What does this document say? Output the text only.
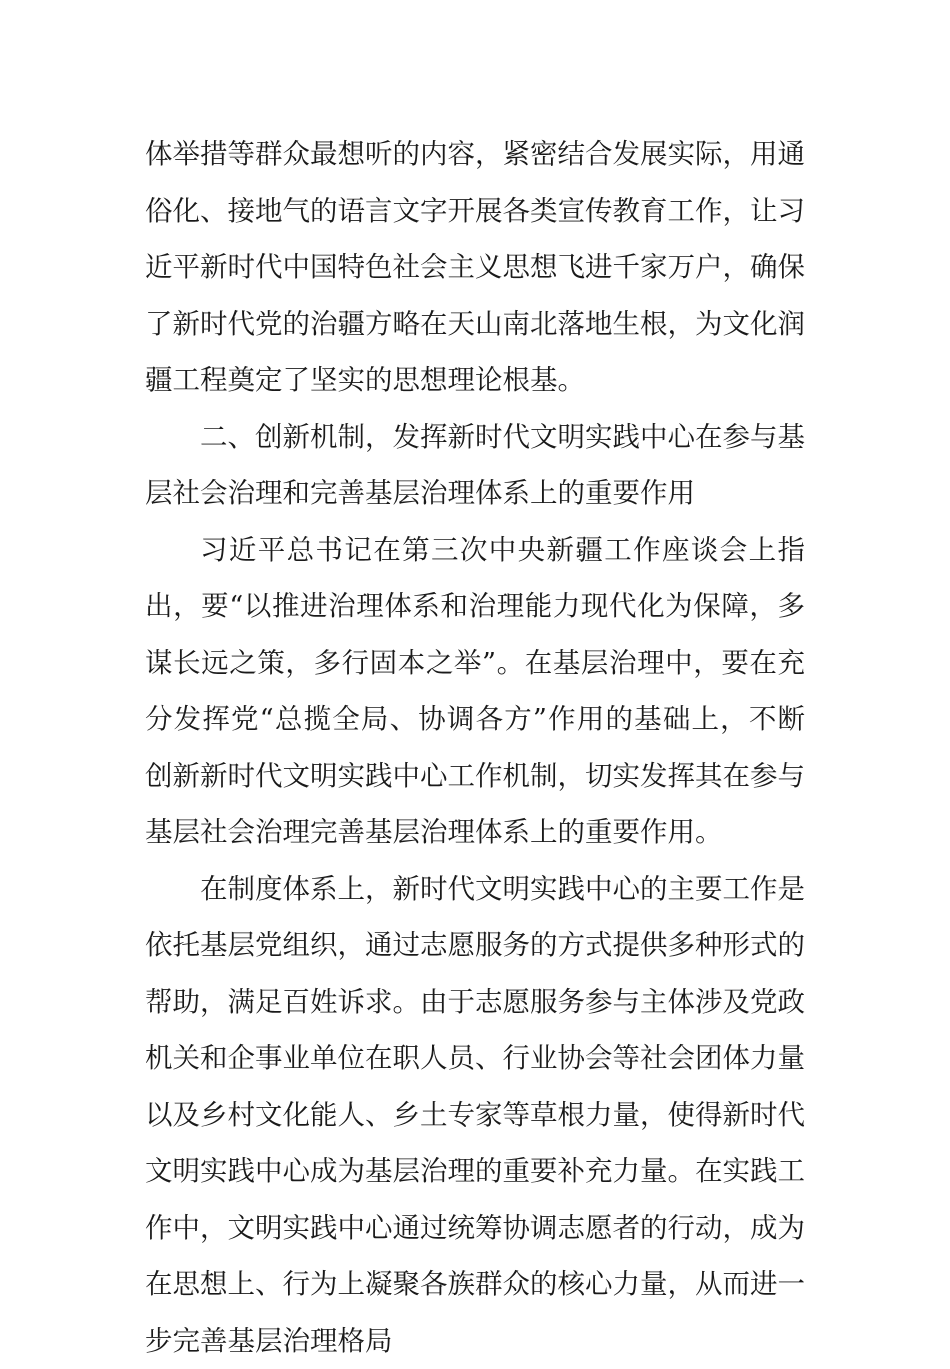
体举措等群众最想听的内容，紧密结合发展实际，用通俗化、接地气的语言文字开展各类宣传教育工作，让习近平新时代中国特色社会主义思想飞进千家万户，确保了新时代党的治疆方略在天山南北落地生根，为文化润疆工程奠定了坚实的思想理论根基。

二、创新机制，发挥新时代文明实践中心在参与基层社会治理和完善基层治理体系上的重要作用

习近平总书记在第三次中央新疆工作座谈会上指出，要“以推进治理体系和治理能力现代化为保障，多谋长远之策，多行固本之举”。在基层治理中，要在充分发挥党“总揽全局、协调各方”作用的基础上，不断创新新时代文明实践中心工作机制，切实发挥其在参与基层社会治理完善基层治理体系上的重要作用。

在制度体系上，新时代文明实践中心的主要工作是依托基层党组织，通过志愿服务的方式提供多种形式的帮助，满足百姓诉求。由于志愿服务参与主体涉及党政机关和企事业单位在职人员、行业协会等社会团体力量以及乡村文化能人、乡土专家等草根力量，使得新时代文明实践中心成为基层治理的重要补充力量。在实践工作中，文明实践中心通过统筹协调志愿者的行动，成为在思想上、行为上凝聚各族群众的核心力量，从而进一步完善基层治理格局
